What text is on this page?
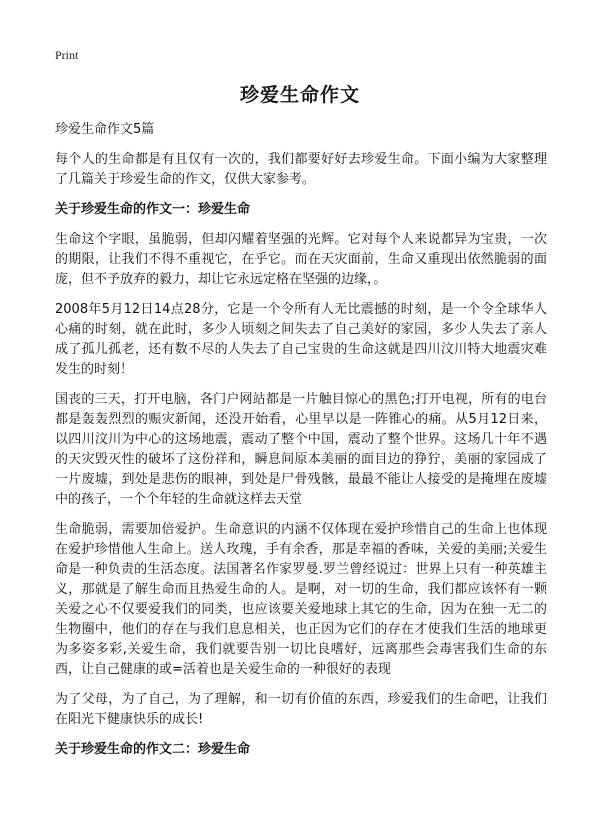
Print
珍爱生命作文
珍爱生命作文5篇
每个人的生命都是有且仅有一次的，我们都要好好去珍爱生命。下面小编为大家整理了几篇关于珍爱生命的作文，仅供大家参考。
关于珍爱生命的作文一：珍爱生命
生命这个字眼，虽脆弱，但却闪耀着坚强的光辉。它对每个人来说都异为宝贵，一次的期限，让我们不得不重视它，在乎它。而在天灾面前，生命又重现出依然脆弱的面庞，但不予放弃的毅力，却让它永远定格在坚强的边缘，。
2008年5月12日14点28分，它是一个令所有人无比震撼的时刻，是一个令全球华人心痛的时刻，就在此时，多少人顷刻之间失去了自己美好的家园，多少人失去了亲人成了孤儿孤老，还有数不尽的人失去了自己宝贵的生命这就是四川汶川特大地震灾难发生的时刻！
国丧的三天，打开电脑，各门户网站都是一片触目惊心的黑色;打开电视，所有的电台都是轰轰烈烈的赈灾新闻，还没开始看，心里早以是一阵锥心的痛。从5月12日来，以四川汶川为中心的这场地震，震动了整个中国，震动了整个世界。这场几十年不遇的天灾毁灭性的破坏了这份祥和，瞬息间原本美丽的面目边的狰狞，美丽的家园成了一片废墟，到处是悲伤的眼神，到处是尸骨残骸，最最不能让人接受的是掩埋在废墟中的孩子，一个个年轻的生命就这样去天堂
生命脆弱，需要加倍爱护。生命意识的内涵不仅体现在爱护珍惜自己的生命上也体现在爱护珍惜他人生命上。送人玫瑰，手有余香，那是幸福的香味，关爱的美丽;关爱生命是一种负责的生活态度。法国著名作家罗曼.罗兰曾经说过：世界上只有一种英雄主义，那就是了解生命而且热爱生命的人。是啊，对一切的生命，我们都应该怀有一颗关爱之心不仅要爱我们的同类，也应该要关爱地球上其它的生命，因为在独一无二的生物圈中，他们的存在与我们息息相关，也正因为它们的存在才使我们生活的地球更为多姿多彩,关爱生命，我们就要告别一切比良嗜好，远离那些会毒害我们生命的东西，让自己健康的或=活着也是关爱生命的一种很好的表现
为了父母，为了自己，为了理解，和一切有价值的东西，珍爱我们的生命吧，让我们在阳光下健康快乐的成长!
关于珍爱生命的作文二：珍爱生命
